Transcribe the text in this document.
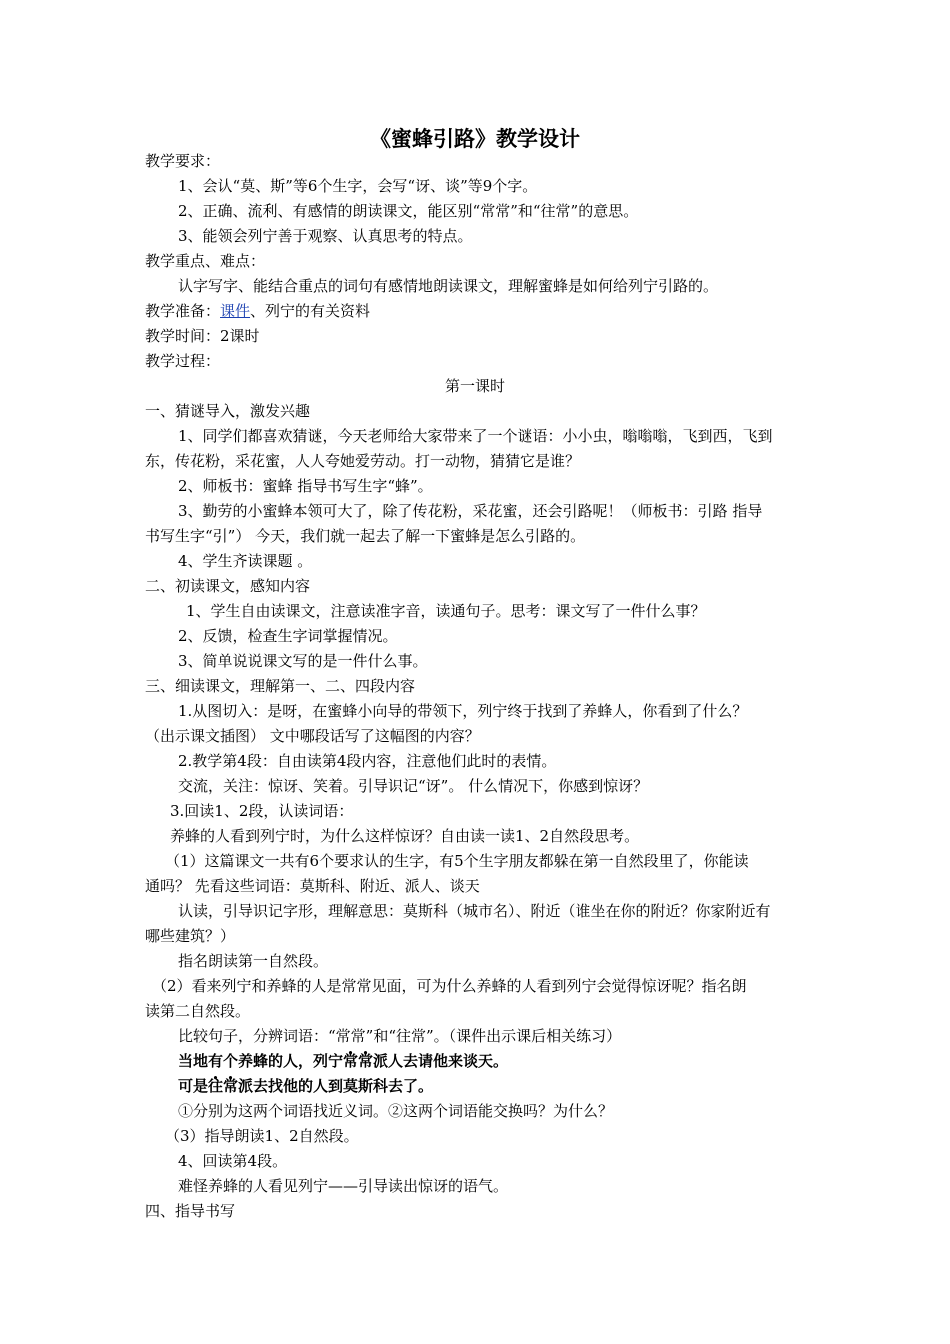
《蜜蜂引路》教学设计
教学要求：
1、会认“莫、斯”等6个生字，会写“讶、谈”等9个字。
2、正确、流利、有感情的朗读课文，能区别“常常”和“往常”的意思。
3、能领会列宁善于观察、认真思考的特点。
教学重点、难点：
认字写字、能结合重点的词句有感情地朗读课文，理解蜜蜂是如何给列宁引路的。
教学准备：课件、列宁的有关资料
教学时间：2课时
教学过程：
第一课时
一、猜谜导入，激发兴趣
1、同学们都喜欢猜谜，今天老师给大家带来了一个谜语：小小虫，嗡嗡嗡，飞到西，飞到
东，传花粉，采花蜜，人人夸她爱劳动。打一动物，猜猜它是谁？
2、师板书：蜜蜂 指导书写生字“蜂”。
3、勤劳的小蜜蜂本领可大了，除了传花粉，采花蜜，还会引路呢！（师板书：引路 指导
书写生字“引”） 今天，我们就一起去了解一下蜜蜂是怎么引路的。
4、学生齐读课题 。
二、初读课文，感知内容
1、学生自由读课文，注意读准字音，读通句子。思考：课文写了一件什么事？
2、反馈，检查生字词掌握情况。
3、简单说说课文写的是一件什么事。
三、细读课文，理解第一、二、四段内容
1.从图切入：是呀，在蜜蜂小向导的带领下，列宁终于找到了养蜂人，你看到了什么？
（出示课文插图） 文中哪段话写了这幅图的内容？
2.教学第4段：自由读第4段内容，注意他们此时的表情。
交流，关注：惊讶、笑着。引导识记“讶”。 什么情况下，你感到惊讶？
3.回读1、2段，认读词语：
养蜂的人看到列宁时，为什么这样惊讶？自由读一读1、2自然段思考。
（1）这篇课文一共有6个要求认的生字，有5个生字朋友都躲在第一自然段里了，你能读
通吗？ 先看这些词语：莫斯科、附近、派人、谈天
认读，引导识记字形，理解意思：莫斯科（城市名）、附近（谁坐在你的附近？你家附近有
哪些建筑？）
指名朗读第一自然段。
（2）看来列宁和养蜂的人是常常见面，可为什么养蜂的人看到列宁会觉得惊讶呢？指名朗
读第二自然段。
比较句子，分辨词语：“常常”和“往常”。（课件出示课后相关练习）
当地有个养蜂的人，列宁常常派人去请他来谈天。
可是往常派去找他的人到莫斯科去了。
①分别为这两个词语找近义词。②这两个词语能交换吗？为什么？
（3）指导朗读1、2自然段。
4、回读第4段。
难怪养蜂的人看见列宁——引导读出惊讶的语气。
四、指导书写
